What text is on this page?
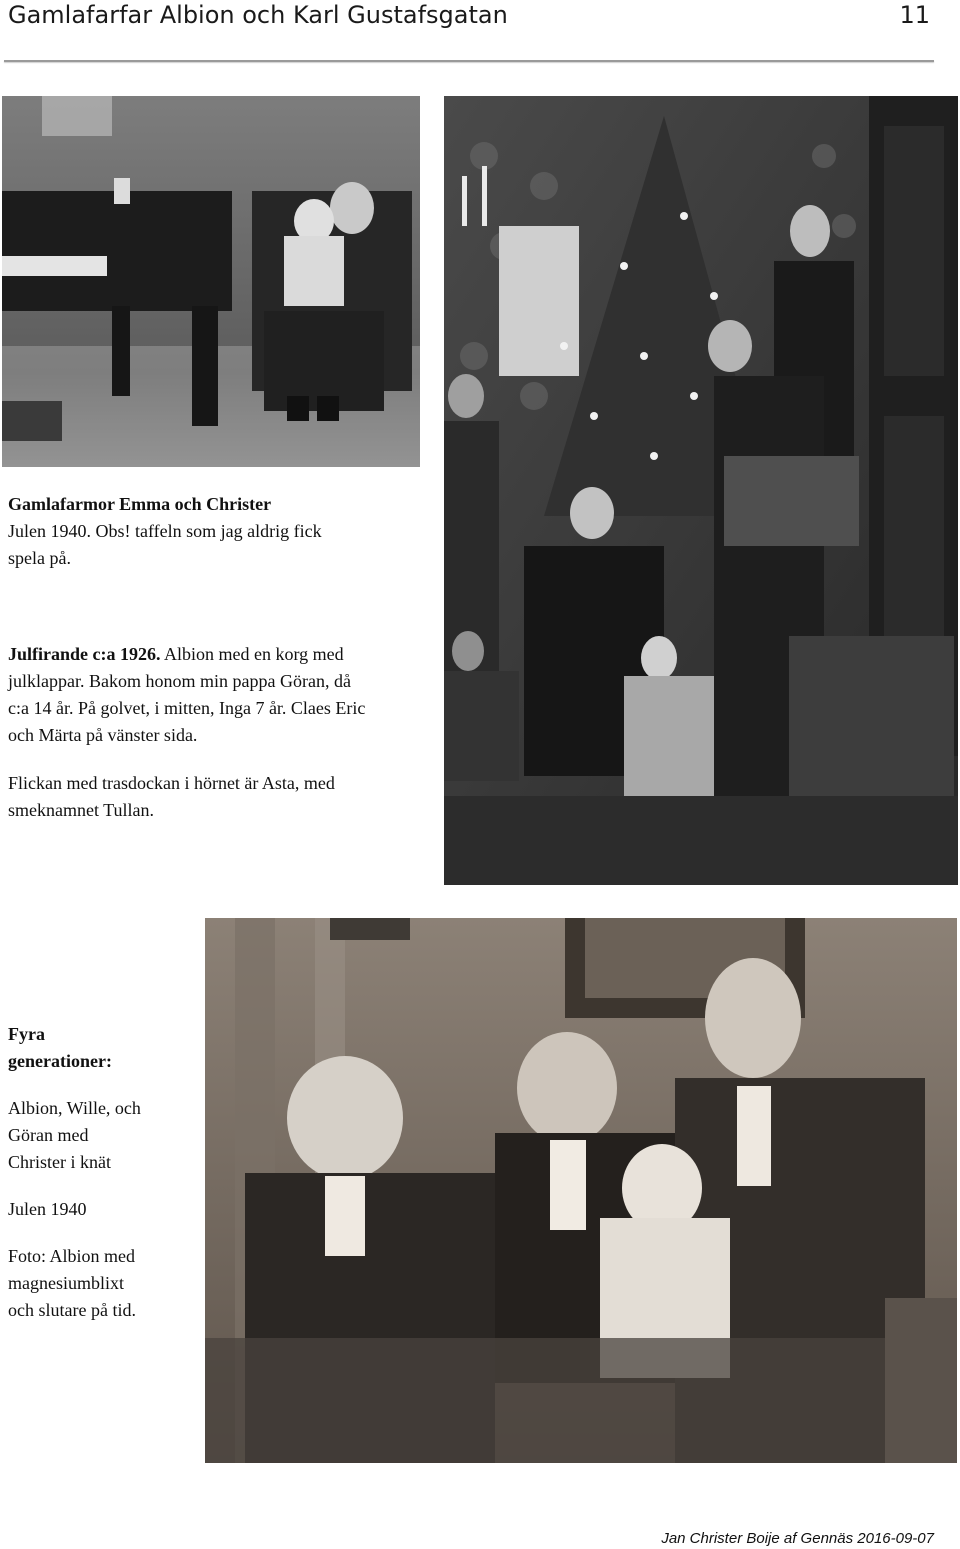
Gamlafarfar Albion och Karl Gustafsgatan	11
Gamlafarmor Emma och Christer
Julen 1940. Obs! taffeln som jag aldrig fick
spela på.
Julfirande c:a 1926. Albion med en korg med
julklappar. Bakom honom min pappa Göran, då
c:a 14 år. På golvet, i mitten, Inga 7 år. Claes Eric
och Märta på vänster sida.
Flickan med trasdockan i hörnet är Asta, med
smeknamnet Tullan.
Fyra
generationer:
Albion, Wille, och
Göran med
Christer i knät
Julen 1940
Foto: Albion med
magnesiumblixt
och slutare på tid.
Jan Christer Boije af Gennäs 2016-09-07
